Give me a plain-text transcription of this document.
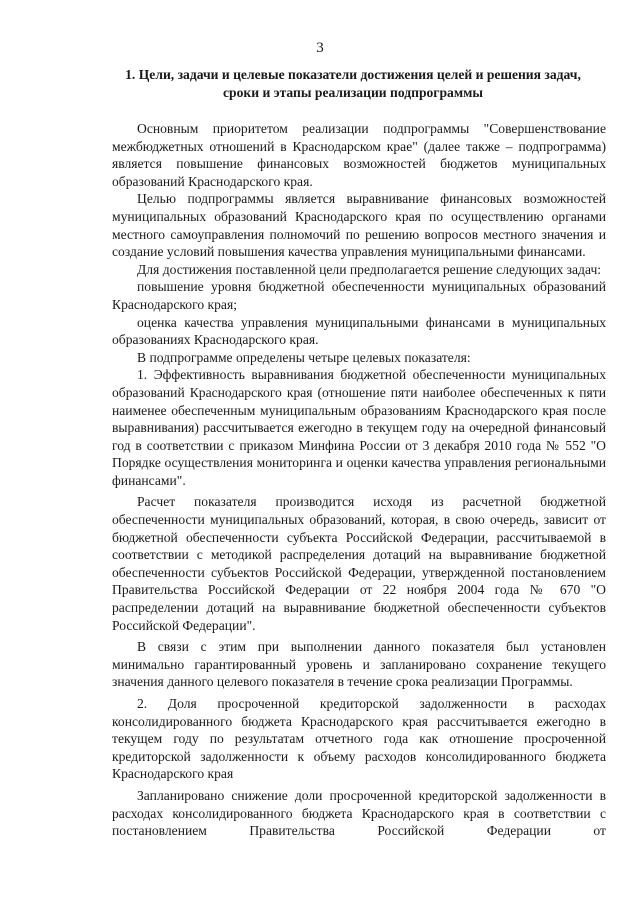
3
1. Цели, задачи и целевые показатели достижения целей и решения задач, сроки и этапы реализации подпрограммы

Основным приоритетом реализации подпрограммы "Совершенствование межбюджетных отношений в Краснодарском крае" (далее также – подпрограмма) является повышение финансовых возможностей бюджетов муниципальных образований Краснодарского края.

Целью подпрограммы является выравнивание финансовых возможностей муниципальных образований Краснодарского края по осуществлению органами местного самоуправления полномочий по решению вопросов местного значения и создание условий повышения качества управления муниципальными финансами.

Для достижения поставленной цели предполагается решение следующих задач:

повышение уровня бюджетной обеспеченности муниципальных образований Краснодарского края;

оценка качества управления муниципальными финансами в муниципальных образованиях Краснодарского края.

В подпрограмме определены четыре целевых показателя:

1. Эффективность выравнивания бюджетной обеспеченности муниципальных образований Краснодарского края (отношение пяти наиболее обеспеченных к пяти наименее обеспеченным муниципальным образованиям Краснодарского края после выравнивания) рассчитывается ежегодно в текущем году на очередной финансовый год в соответствии с приказом Минфина России от 3 декабря 2010 года № 552 "О Порядке осуществления мониторинга и оценки качества управления региональными финансами".

Расчет показателя производится исходя из расчетной бюджетной обеспеченности муниципальных образований, которая, в свою очередь, зависит от бюджетной обеспеченности субъекта Российской Федерации, рассчитываемой в соответствии с методикой распределения дотаций на выравнивание бюджетной обеспеченности субъектов Российской Федерации, утвержденной постановлением Правительства Российской Федерации от 22 ноября 2004 года № 670 "О распределении дотаций на выравнивание бюджетной обеспеченности субъектов Российской Федерации".

В связи с этим при выполнении данного показателя был установлен минимально гарантированный уровень и запланировано сохранение текущего значения данного целевого показателя в течение срока реализации Программы.

2. Доля просроченной кредиторской задолженности в расходах консолидированного бюджета Краснодарского края рассчитывается ежегодно в текущем году по результатам отчетного года как отношение просроченной кредиторской задолженности к объему расходов консолидированного бюджета Краснодарского края

Запланировано снижение доли просроченной кредиторской задолженности в расходах консолидированного бюджета Краснодарского края в соответствии с постановлением Правительства Российской Федерации от
